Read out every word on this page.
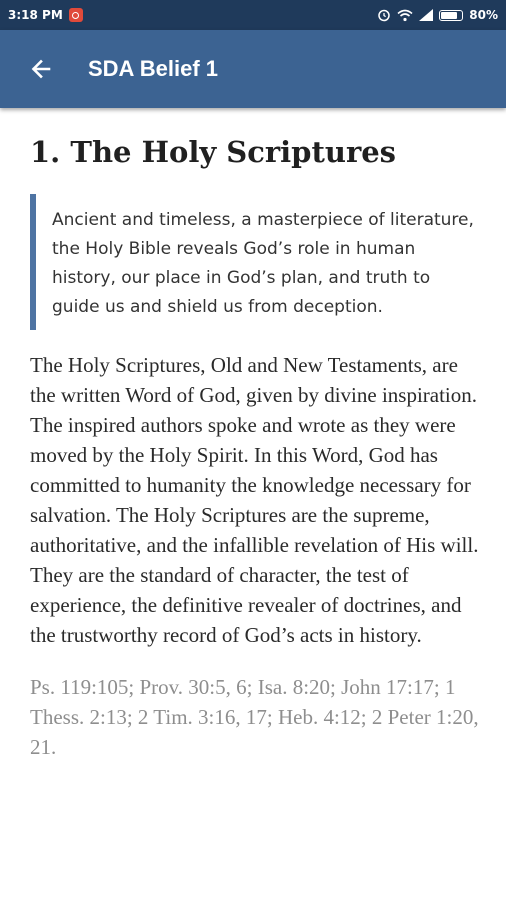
3:18 PM	80%
SDA Belief 1
1. The Holy Scriptures
Ancient and timeless, a masterpiece of literature, the Holy Bible reveals God’s role in human history, our place in God’s plan, and truth to guide us and shield us from deception.
The Holy Scriptures, Old and New Testaments, are the written Word of God, given by divine inspiration. The inspired authors spoke and wrote as they were moved by the Holy Spirit. In this Word, God has committed to humanity the knowledge necessary for salvation. The Holy Scriptures are the supreme, authoritative, and the infallible revelation of His will. They are the standard of character, the test of experience, the definitive revealer of doctrines, and the trustworthy record of God’s acts in history.
Ps. 119:105; Prov. 30:5, 6; Isa. 8:20; John 17:17; 1 Thess. 2:13; 2 Tim. 3:16, 17; Heb. 4:12; 2 Peter 1:20, 21.
